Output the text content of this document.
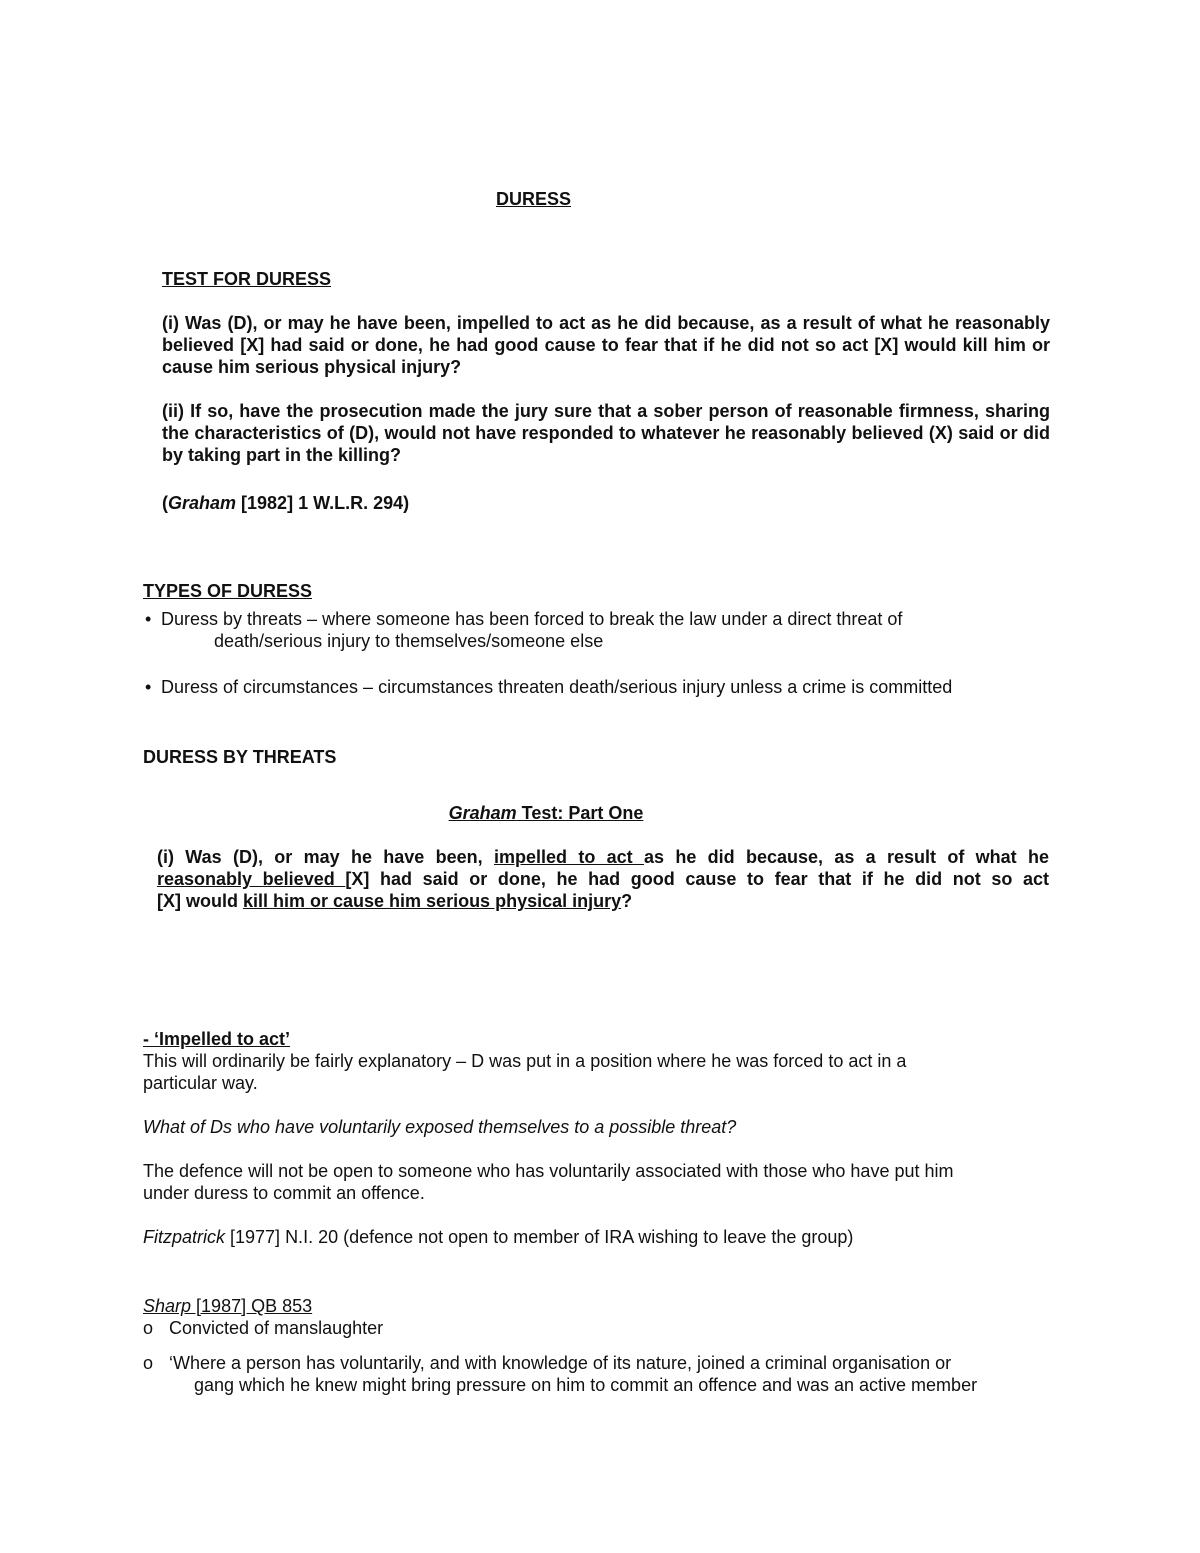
DURESS
TEST FOR DURESS
(i) Was (D), or may he have been, impelled to act as he did because, as a result of what he reasonably believed [X] had said or done, he had good cause to fear that if he did not so act [X] would kill him or cause him serious physical injury?
(ii) If so, have the prosecution made the jury sure that a sober person of reasonable firmness, sharing the characteristics of (D), would not have responded to whatever he reasonably believed (X) said or did by taking part in the killing?
(Graham [1982] 1 W.L.R. 294)
TYPES OF DURESS
• Duress by threats – where someone has been forced to break the law under a direct threat of
death/serious injury to themselves/someone else
• Duress of circumstances – circumstances threaten death/serious injury unless a crime is committed
DURESS BY THREATS
Graham Test: Part One
(i) Was (D), or may he have been, impelled to act as he did because, as a result of what he
reasonably believed [X] had said or done, he had good cause to fear that if he did not so act
[X] would kill him or cause him serious physical injury?
- ‘Impelled to act’
This will ordinarily be fairly explanatory – D was put in a position where he was forced to act in a
particular way.
What of Ds who have voluntarily exposed themselves to a possible threat?
The defence will not be open to someone who has voluntarily associated with those who have put him
under duress to commit an offence.
Fitzpatrick [1977] N.I. 20 (defence not open to member of IRA wishing to leave the group)
Sharp [1987] QB 853
o Convicted of manslaughter
o ‘Where a person has voluntarily, and with knowledge of its nature, joined a criminal organisation or
gang which he knew might bring pressure on him to commit an offence and was an active member
